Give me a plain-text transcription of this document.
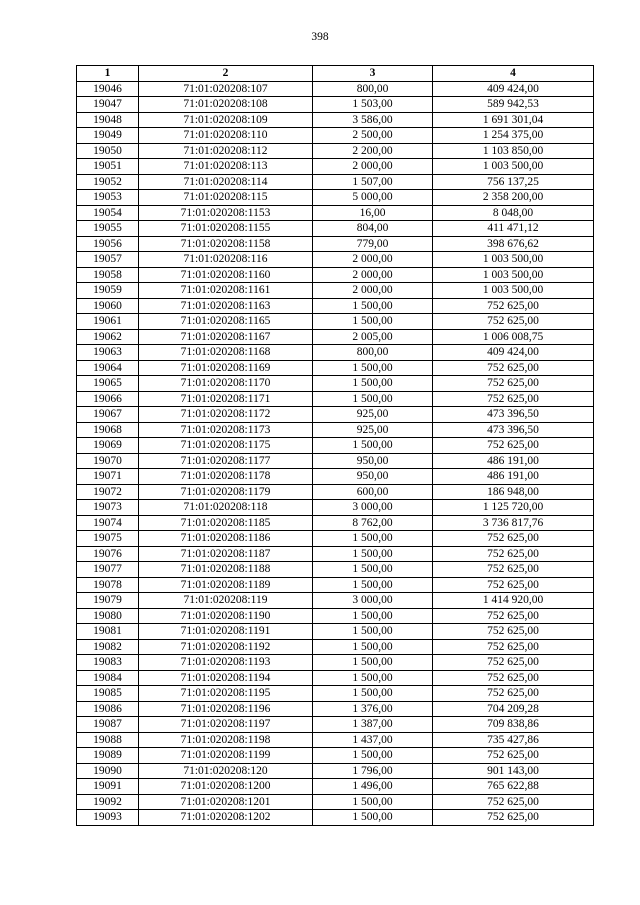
398
1	2	3	4
19046	71:01:020208:107	800,00	409 424,00
19047	71:01:020208:108	1 503,00	589 942,53
19048	71:01:020208:109	3 586,00	1 691 301,04
19049	71:01:020208:110	2 500,00	1 254 375,00
19050	71:01:020208:112	2 200,00	1 103 850,00
19051	71:01:020208:113	2 000,00	1 003 500,00
19052	71:01:020208:114	1 507,00	756 137,25
19053	71:01:020208:115	5 000,00	2 358 200,00
19054	71:01:020208:1153	16,00	8 048,00
19055	71:01:020208:1155	804,00	411 471,12
19056	71:01:020208:1158	779,00	398 676,62
19057	71:01:020208:116	2 000,00	1 003 500,00
19058	71:01:020208:1160	2 000,00	1 003 500,00
19059	71:01:020208:1161	2 000,00	1 003 500,00
19060	71:01:020208:1163	1 500,00	752 625,00
19061	71:01:020208:1165	1 500,00	752 625,00
19062	71:01:020208:1167	2 005,00	1 006 008,75
19063	71:01:020208:1168	800,00	409 424,00
19064	71:01:020208:1169	1 500,00	752 625,00
19065	71:01:020208:1170	1 500,00	752 625,00
19066	71:01:020208:1171	1 500,00	752 625,00
19067	71:01:020208:1172	925,00	473 396,50
19068	71:01:020208:1173	925,00	473 396,50
19069	71:01:020208:1175	1 500,00	752 625,00
19070	71:01:020208:1177	950,00	486 191,00
19071	71:01:020208:1178	950,00	486 191,00
19072	71:01:020208:1179	600,00	186 948,00
19073	71:01:020208:118	3 000,00	1 125 720,00
19074	71:01:020208:1185	8 762,00	3 736 817,76
19075	71:01:020208:1186	1 500,00	752 625,00
19076	71:01:020208:1187	1 500,00	752 625,00
19077	71:01:020208:1188	1 500,00	752 625,00
19078	71:01:020208:1189	1 500,00	752 625,00
19079	71:01:020208:119	3 000,00	1 414 920,00
19080	71:01:020208:1190	1 500,00	752 625,00
19081	71:01:020208:1191	1 500,00	752 625,00
19082	71:01:020208:1192	1 500,00	752 625,00
19083	71:01:020208:1193	1 500,00	752 625,00
19084	71:01:020208:1194	1 500,00	752 625,00
19085	71:01:020208:1195	1 500,00	752 625,00
19086	71:01:020208:1196	1 376,00	704 209,28
19087	71:01:020208:1197	1 387,00	709 838,86
19088	71:01:020208:1198	1 437,00	735 427,86
19089	71:01:020208:1199	1 500,00	752 625,00
19090	71:01:020208:120	1 796,00	901 143,00
19091	71:01:020208:1200	1 496,00	765 622,88
19092	71:01:020208:1201	1 500,00	752 625,00
19093	71:01:020208:1202	1 500,00	752 625,00
